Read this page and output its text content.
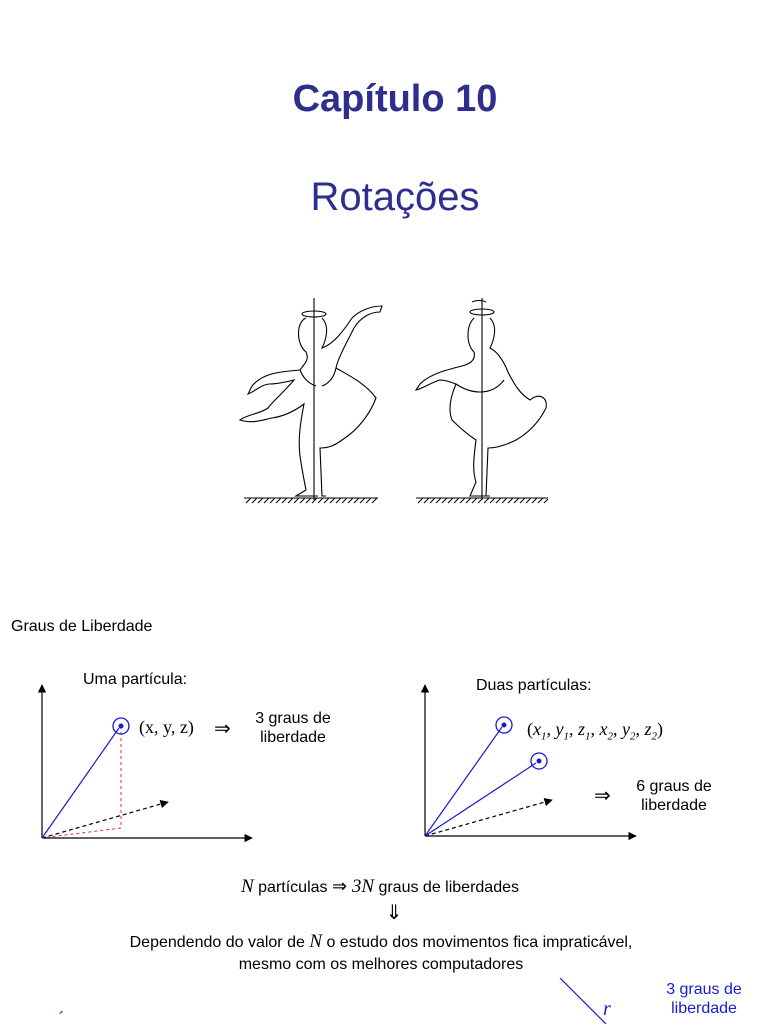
Capítulo 10
Rotações
Graus de Liberdade
Uma partícula:
(x, y, z) ⇒	3 graus de liberdade
Duas partículas:
($x_1$, $y_1$, $z_1$, $x_2$, $y_2$, $z_2$)
⇒	6 graus de liberdade
N partículas ⇒ 3N graus de liberdades
⇓
Dependendo do valor de N o estudo dos movimentos fica impraticável,
mesmo com os melhores computadores
r
3 graus de liberdade
´
